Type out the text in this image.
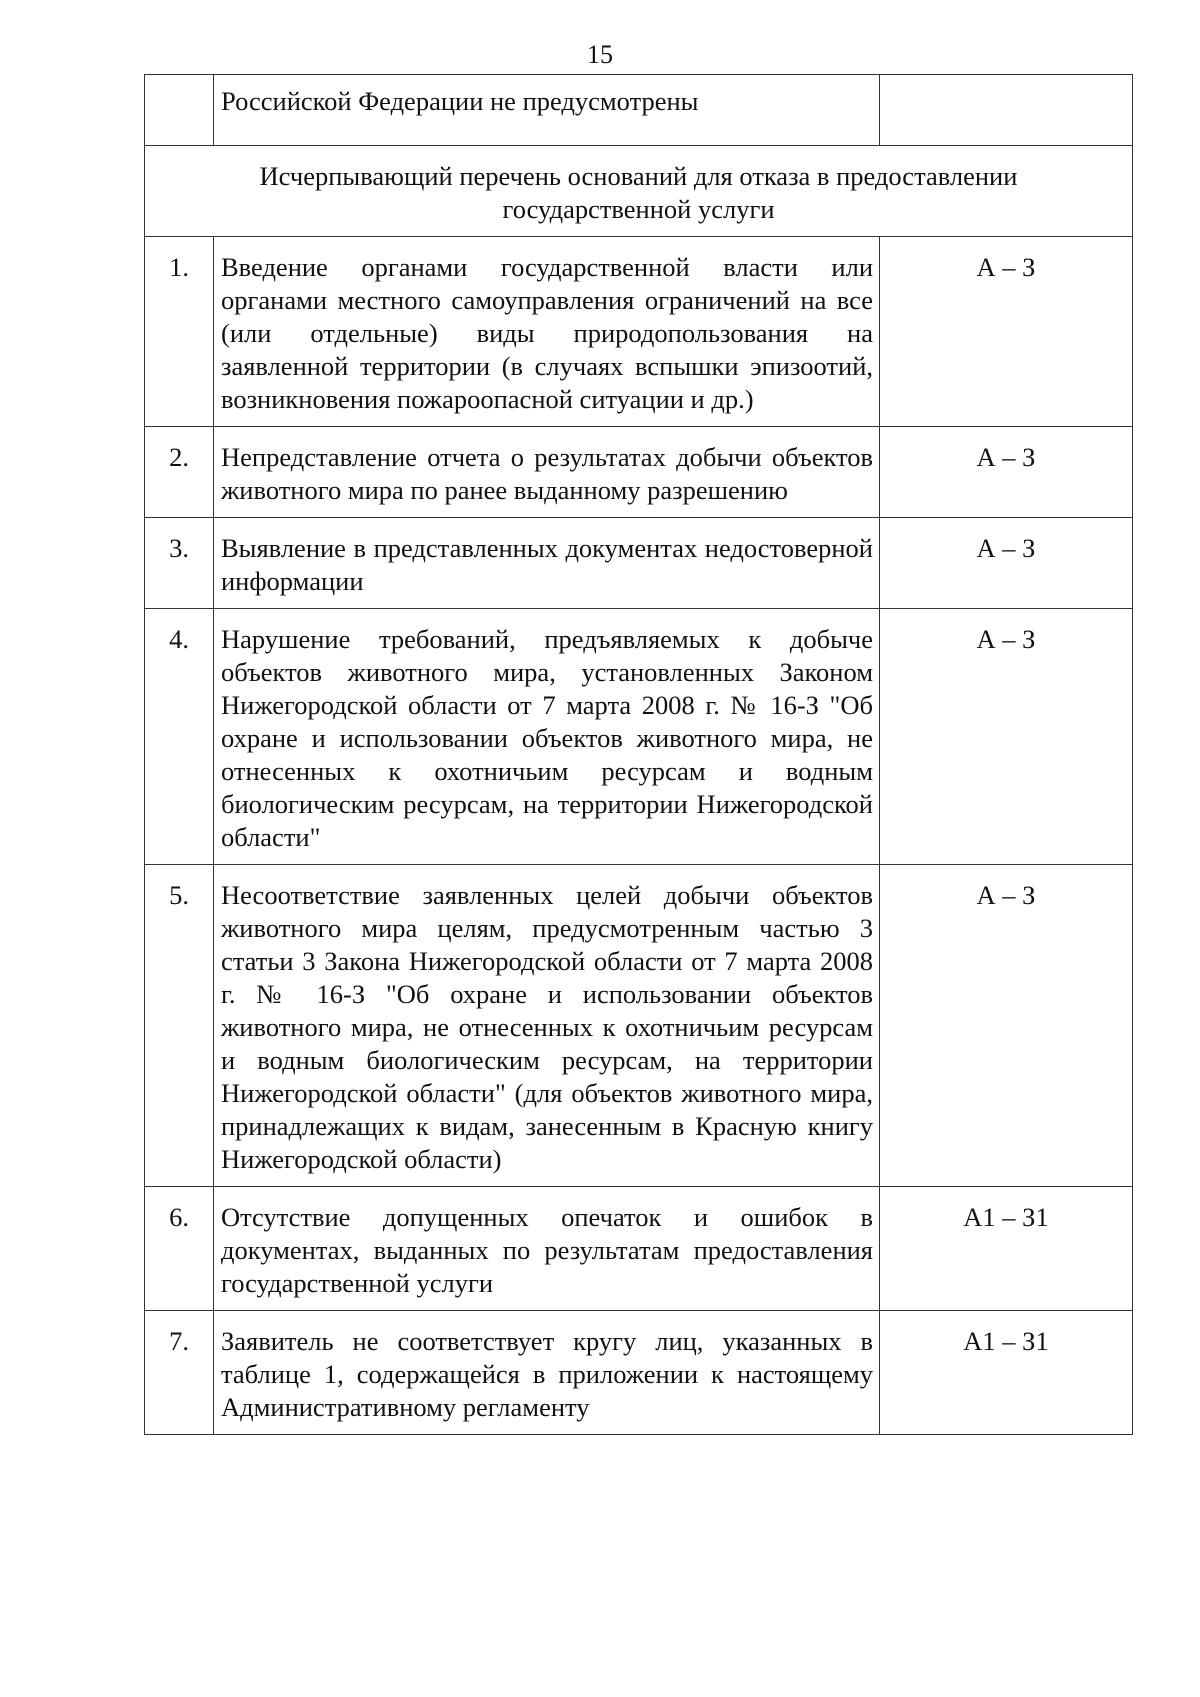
15
	Российской Федерации не предусмотрены	
Исчерпывающий перечень оснований для отказа в предоставлении государственной услуги		
1.	Введение органами государственной власти или органами местного самоуправления ограничений на все (или отдельные) виды природопользования на заявленной территории (в случаях вспышки эпизоотий, возникновения пожароопасной ситуации и др.)	А – З
2.	Непредставление отчета о результатах добычи объектов животного мира по ранее выданному разрешению	А – З
3.	Выявление в представленных документах недостоверной информации	А – З
4.	Нарушение требований, предъявляемых к добыче объектов животного мира, установленных Законом Нижегородской области от 7 марта 2008 г. № 16-З "Об охране и использовании объектов животного мира, не отнесенных к охотничьим ресурсам и водным биологическим ресурсам, на территории Нижегородской области"	А – З
5.	Несоответствие заявленных целей добычи объектов животного мира целям, предусмотренным частью 3 статьи 3 Закона Нижегородской области от 7 марта 2008 г. № 16-З "Об охране и использовании объектов животного мира, не отнесенных к охотничьим ресурсам и водным биологическим ресурсам, на территории Нижегородской области" (для объектов животного мира, принадлежащих к видам, занесенным в Красную книгу Нижегородской области)	А – З
6.	Отсутствие допущенных опечаток и ошибок в документах, выданных по результатам предоставления государственной услуги	А1 – З1
7.	Заявитель не соответствует кругу лиц, указанных в таблице 1, содержащейся в приложении к настоящему Административному регламенту	А1 – З1
